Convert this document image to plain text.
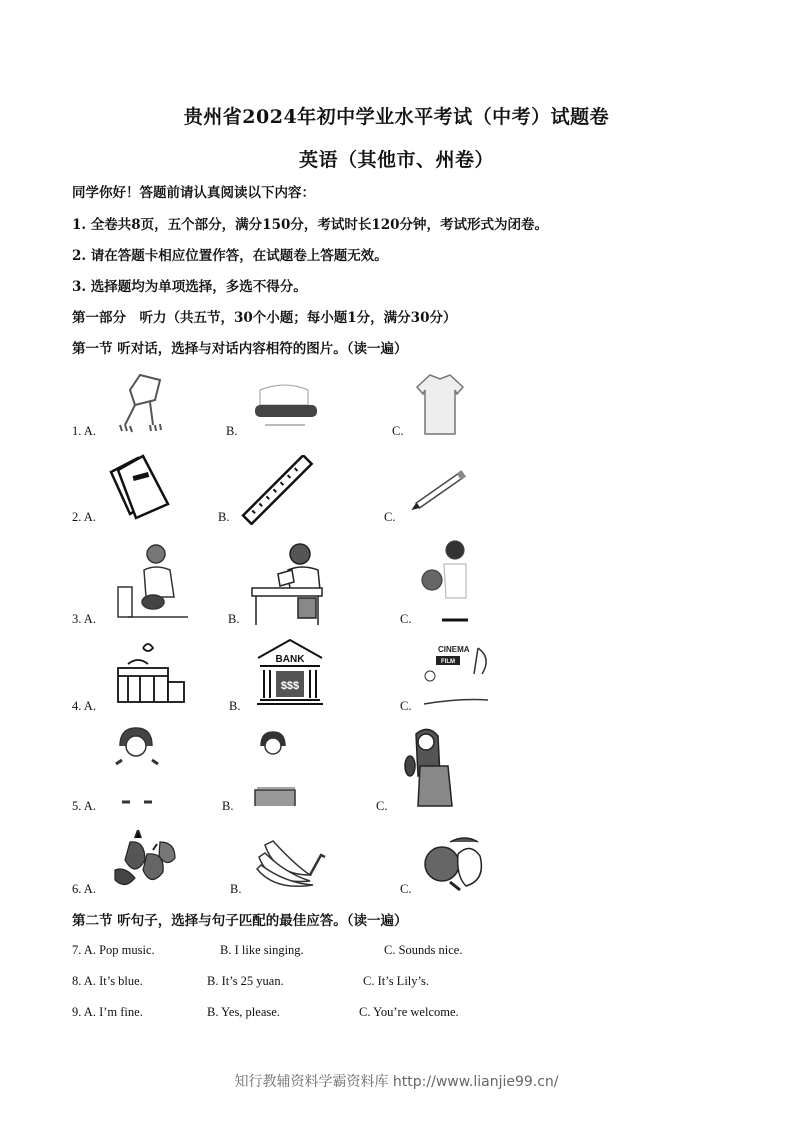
贵州省2024年初中学业水平考试（中考）试题卷
英语（其他市、州卷）
同学你好！答题前请认真阅读以下内容：
1. 全卷共8页，五个部分，满分150分，考试时长120分钟，考试形式为闭卷。
2. 请在答题卡相应位置作答，在试题卷上答题无效。
3. 选择题均为单项选择，多选不得分。
第一部分　听力（共五节，30个小题；每小题1分，满分30分）
第一节 听对话，选择与对话内容相符的图片。（读一遍）
1. A.	B.	C.
2. A.	B.	C.
3. A.	B.	C.
4. A.	B.
BANK
$$$
C.
CINEMA
FILM
5. A.	B.	C.
6. A.	B.	C.
第二节 听句子，选择与句子匹配的最佳应答。（读一遍）
7. A. Pop music.	B. I like singing.	C. Sounds nice.
8. A. It’s blue.	B. It’s 25 yuan.	C. It’s Lily’s.
9. A. I’m fine.	B. Yes, please.	C. You’re welcome.
知行教辅资料学霸资料库 http://www.lianjie99.cn/
